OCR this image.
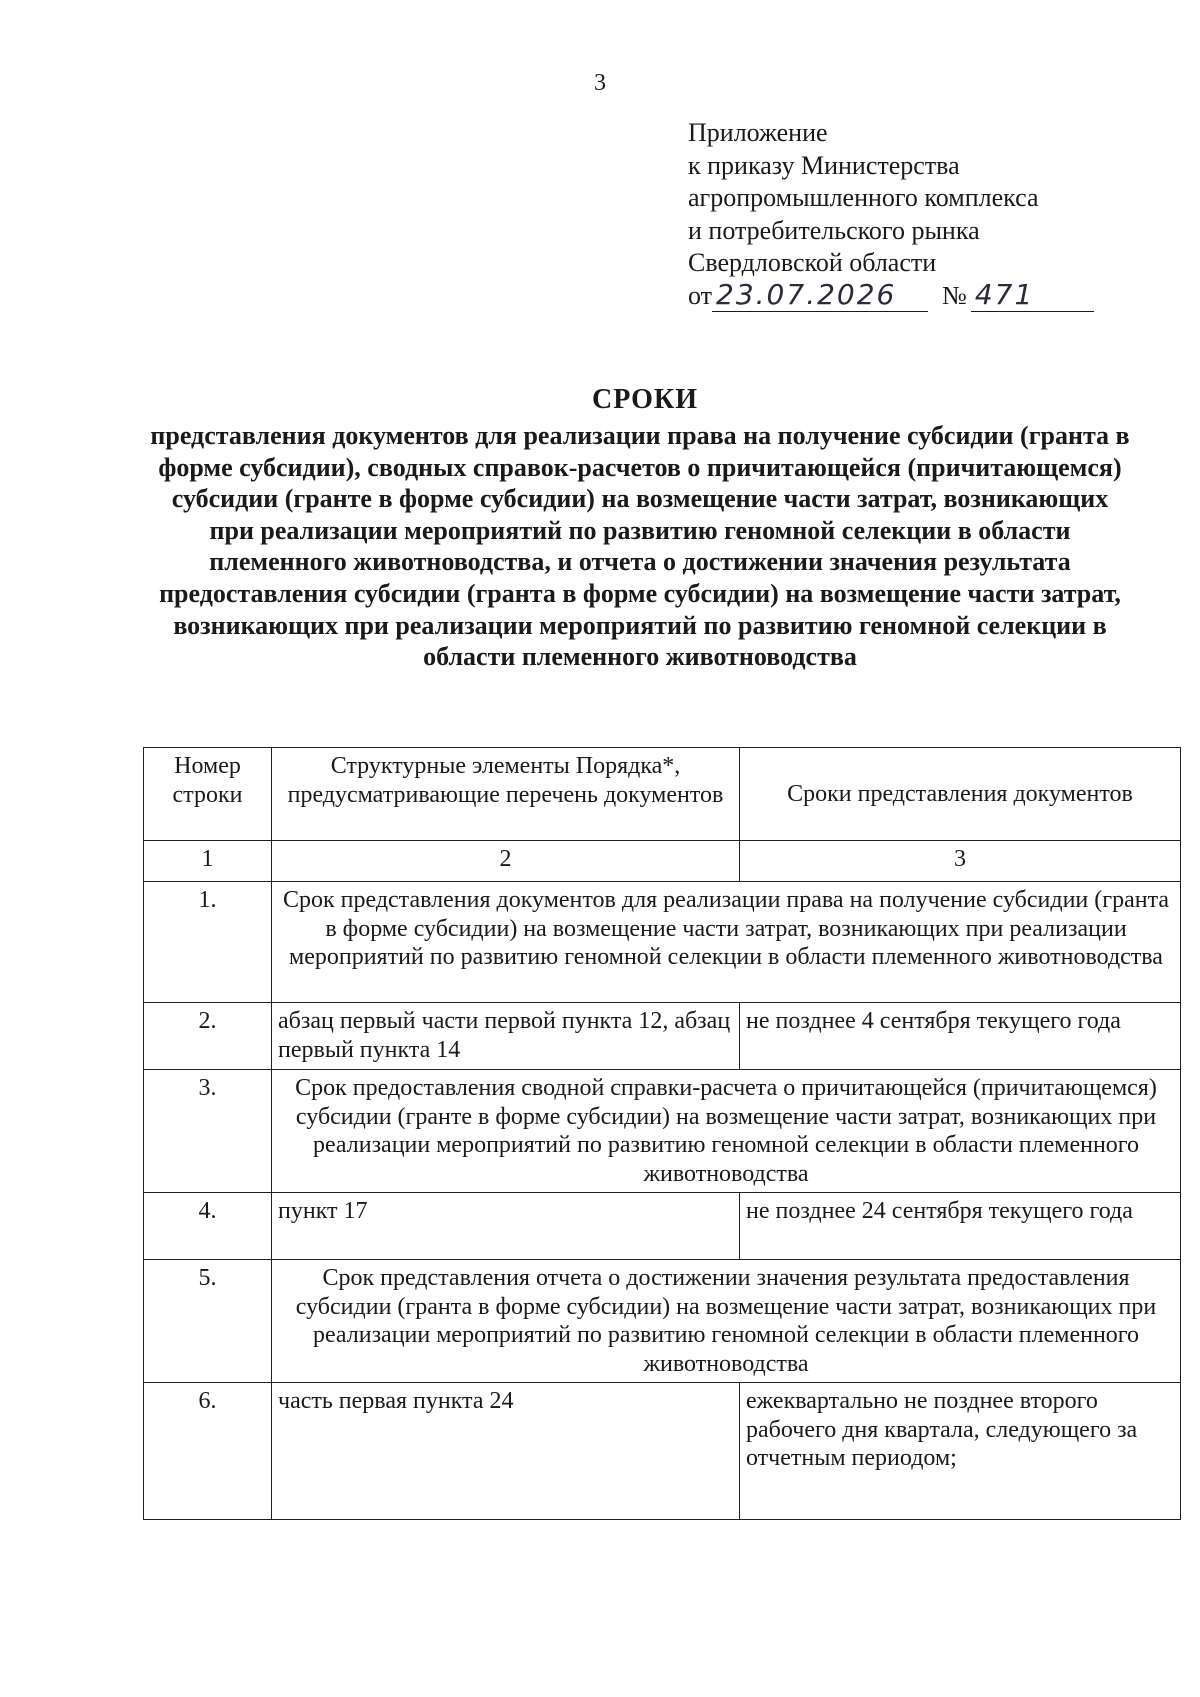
3
Приложение
к приказу Министерства
агропромышленного комплекса
и потребительского рынка
Свердловской области
от 23.07.2026	№ 471
СРОКИ
представления документов для реализации права на получение субсидии (гранта в форме субсидии), сводных справок-расчетов о причитающейся (причитающемся) субсидии (гранте в форме субсидии) на возмещение части затрат, возникающих при реализации мероприятий по развитию геномной селекции в области племенного животноводства, и отчета о достижении значения результата предоставления субсидии (гранта в форме субсидии) на возмещение части затрат, возникающих при реализации мероприятий по развитию геномной селекции в области племенного животноводства
Номер строки	Структурные элементы Порядка*, предусматривающие перечень документов	Сроки представления документов
1	2	3
1.	Срок представления документов для реализации права на получение субсидии (гранта в форме субсидии) на возмещение части затрат, возникающих при реализации мероприятий по развитию геномной селекции в области племенного животноводства	
2.	абзац первый части первой пункта 12, абзац первый пункта 14	не позднее 4 сентября текущего года
3.	Срок предоставления сводной справки-расчета о причитающейся (причитающемся) субсидии (гранте в форме субсидии) на возмещение части затрат, возникающих при реализации мероприятий по развитию геномной селекции в области племенного животноводства	
4.	пункт 17	не позднее 24 сентября текущего года
5.	Срок представления отчета о достижении значения результата предоставления субсидии (гранта в форме субсидии) на возмещение части затрат, возникающих при реализации мероприятий по развитию геномной селекции в области племенного животноводства	
6.	часть первая пункта 24	ежеквартально не позднее второго рабочего дня квартала, следующего за отчетным периодом;
